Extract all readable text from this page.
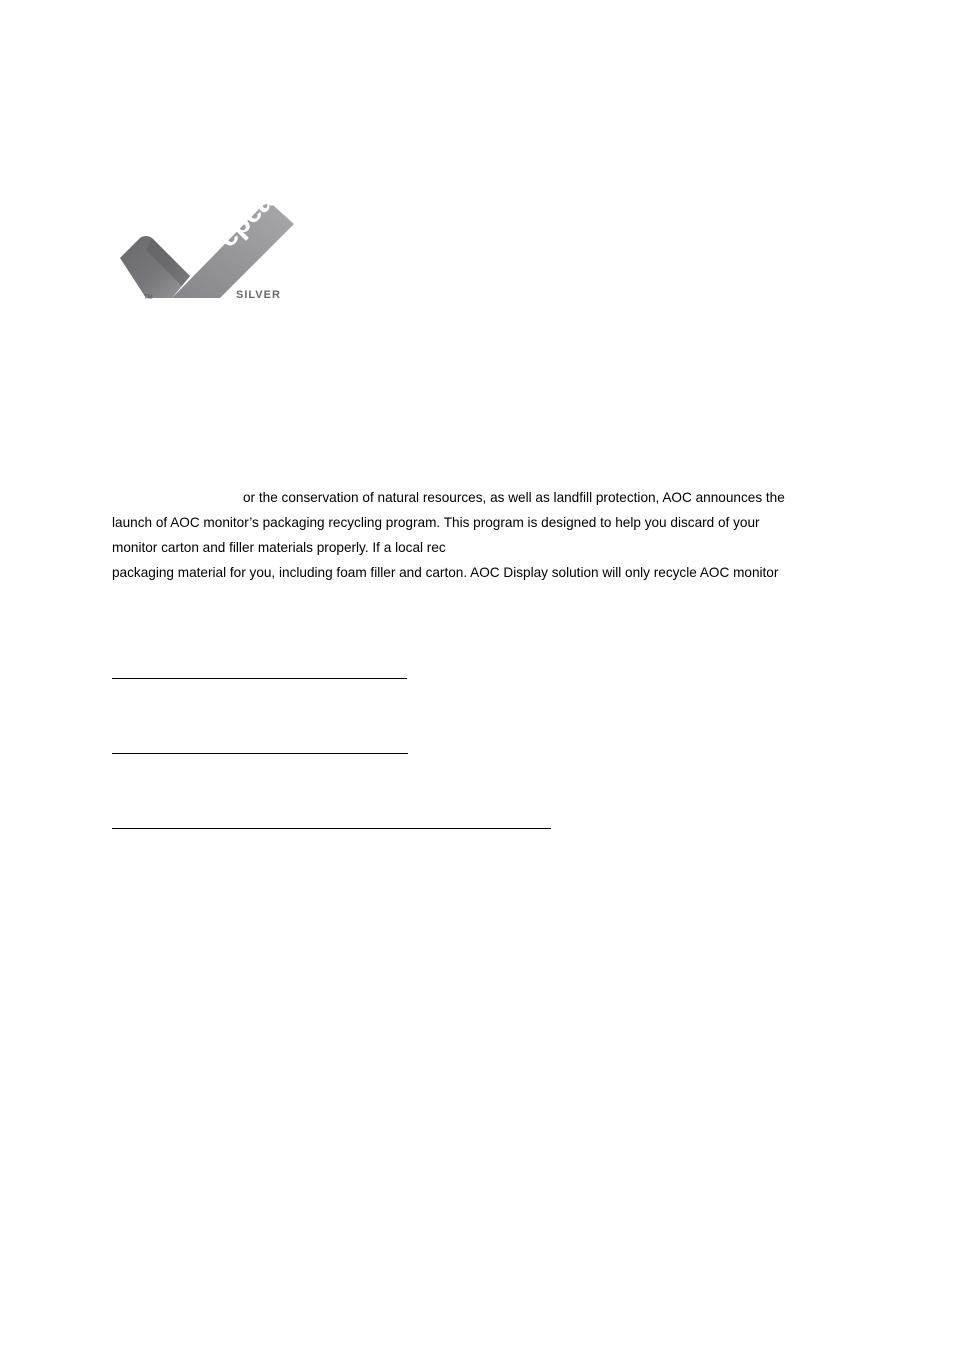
epeat
TM	SILVER
or the conservation of natural resources, as well as landfill protection, AOC announces the
launch of AOC monitor’s packaging recycling program. This program is designed to help you discard of your
monitor carton and filler materials properly. If a local rec
packaging material for you, including foam filler and carton. AOC Display solution will only recycle AOC monitor
